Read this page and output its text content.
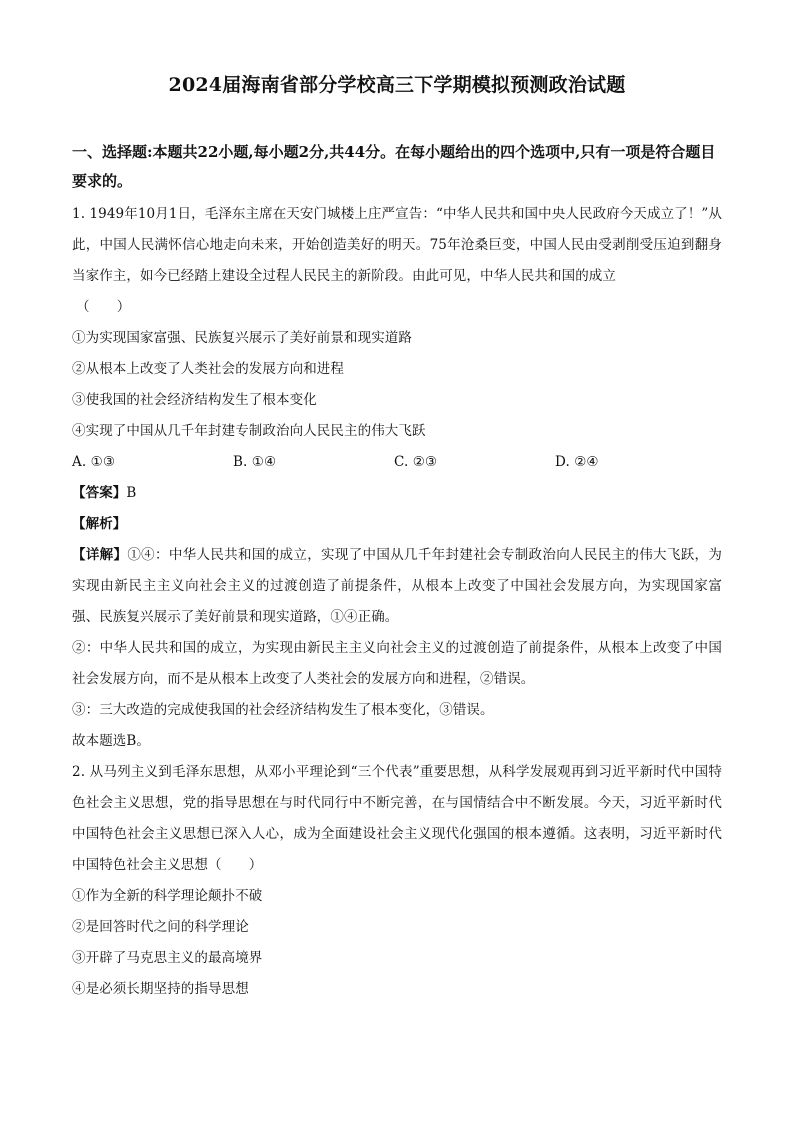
2024届海南省部分学校高三下学期模拟预测政治试题
一、选择题:本题共22小题,每小题2分,共44分。在每小题给出的四个选项中,只有一项是符合题目要求的。

1. 1949年10月1日，毛泽东主席在天安门城楼上庄严宣告：“中华人民共和国中央人民政府今天成立了！”从此，中国人民满怀信心地走向未来，开始创造美好的明天。75年沧桑巨变，中国人民由受剥削受压迫到翻身当家作主，如今已经踏上建设全过程人民民主的新阶段。由此可见，中华人民共和国的成立

（　　）

①为实现国家富强、民族复兴展示了美好前景和现实道路

②从根本上改变了人类社会的发展方向和进程

③使我国的社会经济结构发生了根本变化

④实现了中国从几千年封建专制政治向人民民主的伟大飞跃

A. ①③	B. ①④	C. ②③	D. ②④

【答案】B

【解析】

【详解】①④：中华人民共和国的成立，实现了中国从几千年封建社会专制政治向人民民主的伟大飞跃，为实现由新民主主义向社会主义的过渡创造了前提条件，从根本上改变了中国社会发展方向，为实现国家富强、民族复兴展示了美好前景和现实道路，①④正确。

②：中华人民共和国的成立，为实现由新民主主义向社会主义的过渡创造了前提条件，从根本上改变了中国社会发展方向，而不是从根本上改变了人类社会的发展方向和进程，②错误。

③：三大改造的完成使我国的社会经济结构发生了根本变化，③错误。

故本题选B。

2. 从马列主义到毛泽东思想，从邓小平理论到“三个代表”重要思想，从科学发展观再到习近平新时代中国特色社会主义思想，党的指导思想在与时代同行中不断完善，在与国情结合中不断发展。今天，习近平新时代中国特色社会主义思想已深入人心，成为全面建设社会主义现代化强国的根本遵循。这表明，习近平新时代中国特色社会主义思想（　　）

①作为全新的科学理论颠扑不破

②是回答时代之问的科学理论

③开辟了马克思主义的最高境界

④是必须长期坚持的指导思想
